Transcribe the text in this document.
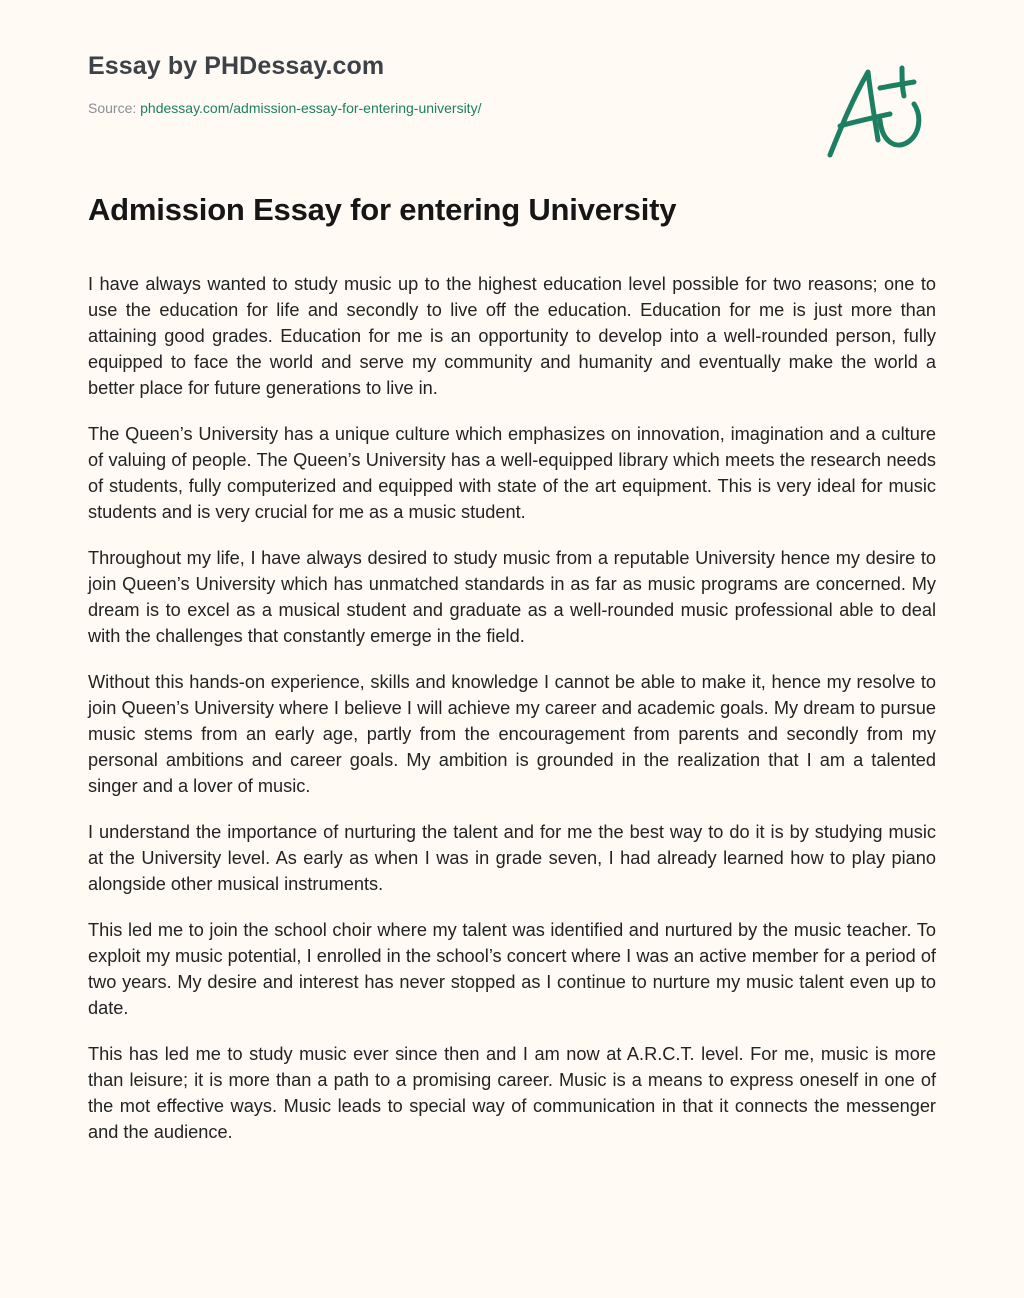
Essay by PHDessay.com
Source: phdessay.com/admission-essay-for-entering-university/
Admission Essay for entering University

I have always wanted to study music up to the highest education level possible for two reasons; one to use the education for life and secondly to live off the education. Education for me is just more than attaining good grades. Education for me is an opportunity to develop into a well-rounded person, fully equipped to face the world and serve my community and humanity and eventually make the world a better place for future generations to live in.

The Queen’s University has a unique culture which emphasizes on innovation, imagination and a culture of valuing of people. The Queen’s University has a well-equipped library which meets the research needs of students, fully computerized and equipped with state of the art equipment. This is very ideal for music students and is very crucial for me as a music student.

Throughout my life, I have always desired to study music from a reputable University hence my desire to join Queen’s University which has unmatched standards in as far as music programs are concerned. My dream is to excel as a musical student and graduate as a well-rounded music professional able to deal with the challenges that constantly emerge in the field.

Without this hands-on experience, skills and knowledge I cannot be able to make it, hence my resolve to join Queen’s University where I believe I will achieve my career and academic goals. My dream to pursue music stems from an early age, partly from the encouragement from parents and secondly from my personal ambitions and career goals. My ambition is grounded in the realization that I am a talented singer and a lover of music.

I understand the importance of nurturing the talent and for me the best way to do it is by studying music at the University level. As early as when I was in grade seven, I had already learned how to play piano alongside other musical instruments.

This led me to join the school choir where my talent was identified and nurtured by the music teacher. To exploit my music potential, I enrolled in the school’s concert where I was an active member for a period of two years. My desire and interest has never stopped as I continue to nurture my music talent even up to date.

This has led me to study music ever since then and I am now at A.R.C.T. level. For me, music is more than leisure; it is more than a path to a promising career. Music is a means to express oneself in one of the mot effective ways. Music leads to special way of communication in that it connects the messenger and the audience.
